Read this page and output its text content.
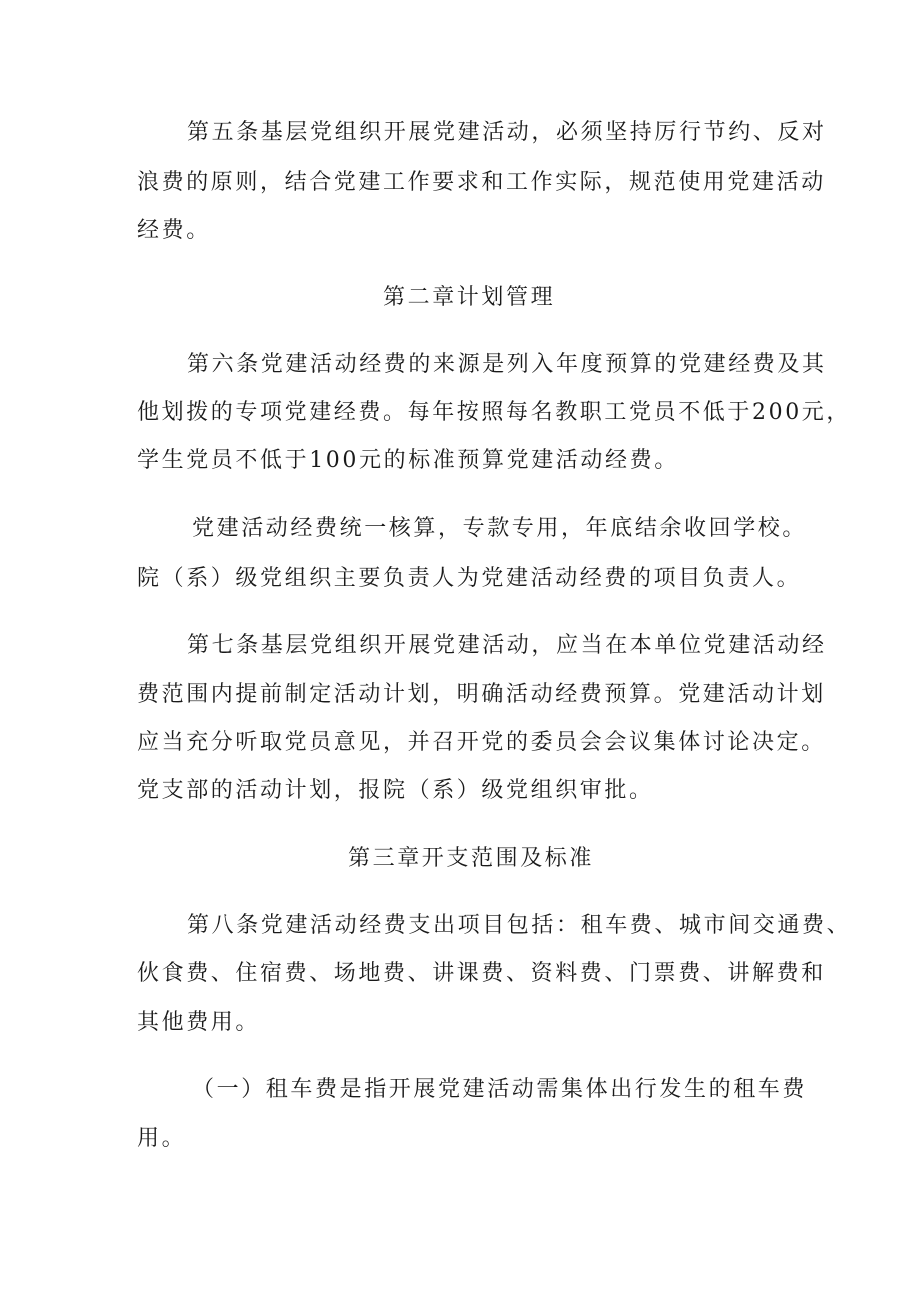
第五条基层党组织开展党建活动，必须坚持厉行节约、反对
浪费的原则，结合党建工作要求和工作实际，规范使用党建活动
经费。
第二章计划管理
第六条党建活动经费的来源是列入年度预算的党建经费及其
他划拨的专项党建经费。每年按照每名教职工党员不低于200元，
学生党员不低于100元的标准预算党建活动经费。
党建活动经费统一核算，专款专用，年底结余收回学校。
院（系）级党组织主要负责人为党建活动经费的项目负责人。
第七条基层党组织开展党建活动，应当在本单位党建活动经
费范围内提前制定活动计划，明确活动经费预算。党建活动计划
应当充分听取党员意见，并召开党的委员会会议集体讨论决定。
党支部的活动计划，报院（系）级党组织审批。
第三章开支范围及标准
第八条党建活动经费支出项目包括：租车费、城市间交通费、
伙食费、住宿费、场地费、讲课费、资料费、门票费、讲解费和
其他费用。
（一）租车费是指开展党建活动需集体出行发生的租车费
用。
